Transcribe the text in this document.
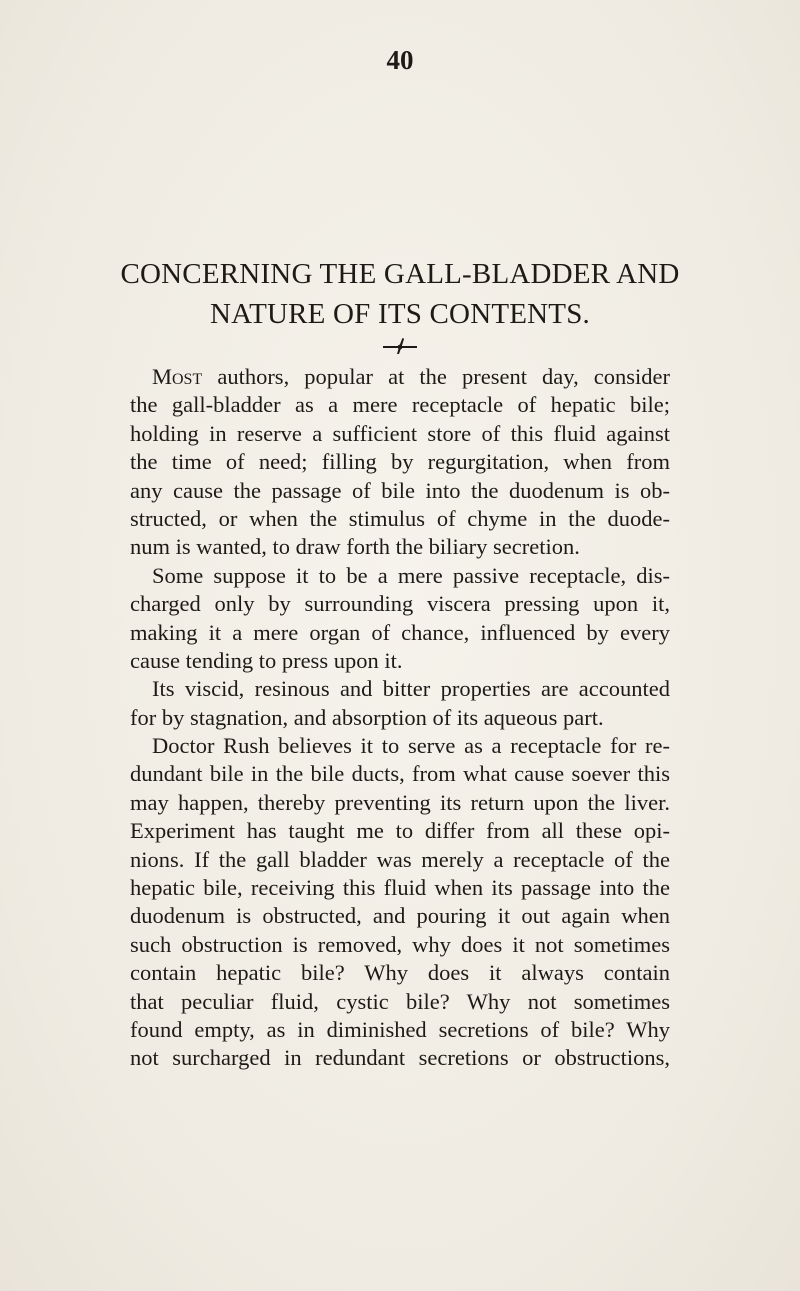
40
CONCERNING THE GALL-BLADDER AND
NATURE OF ITS CONTENTS.
Most authors, popular at the present day, consider
the gall-bladder as a mere receptacle of hepatic bile;
holding in reserve a sufficient store of this fluid against
the time of need; filling by regurgitation, when from
any cause the passage of bile into the duodenum is ob-
structed, or when the stimulus of chyme in the duode-
num is wanted, to draw forth the biliary secretion.
Some suppose it to be a mere passive receptacle, dis-
charged only by surrounding viscera pressing upon it,
making it a mere organ of chance, influenced by every
cause tending to press upon it.
Its viscid, resinous and bitter properties are accounted
for by stagnation, and absorption of its aqueous part.
Doctor Rush believes it to serve as a receptacle for re-
dundant bile in the bile ducts, from what cause soever this
may happen, thereby preventing its return upon the liver.
Experiment has taught me to differ from all these opi-
nions. If the gall bladder was merely a receptacle of the
hepatic bile, receiving this fluid when its passage into the
duodenum is obstructed, and pouring it out again when
such obstruction is removed, why does it not sometimes
contain hepatic bile? Why does it always contain
that peculiar fluid, cystic bile? Why not sometimes
found empty, as in diminished secretions of bile? Why
not surcharged in redundant secretions or obstructions,
